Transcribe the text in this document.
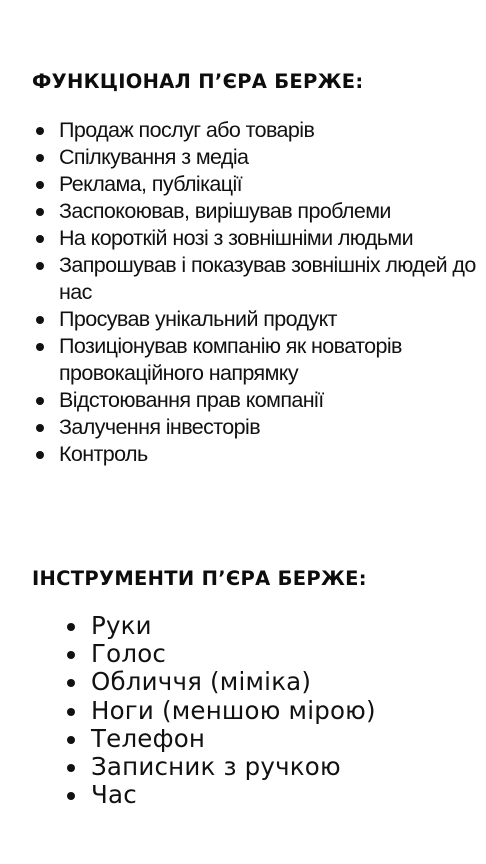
ФУНКЦІОНАЛ П’ЄРА БЕРЖЕ:
Продаж послуг або товарів
Спілкування з медіа
Реклама, публікації
Заспокоював, вирішував проблеми
На короткій нозі з зовнішніми людьми
Запрошував і показував зовнішніх людей до нас
Просував унікальний продукт
Позиціонував компанію як новаторів провокаційного напрямку
Відстоювання прав компанії
Залучення інвесторів
Контроль
ІНСТРУМЕНТИ П’ЄРА БЕРЖЕ:
Руки
Голос
Обличчя (міміка)
Ноги (меншою мірою)
Телефон
Записник з ручкою
Час
